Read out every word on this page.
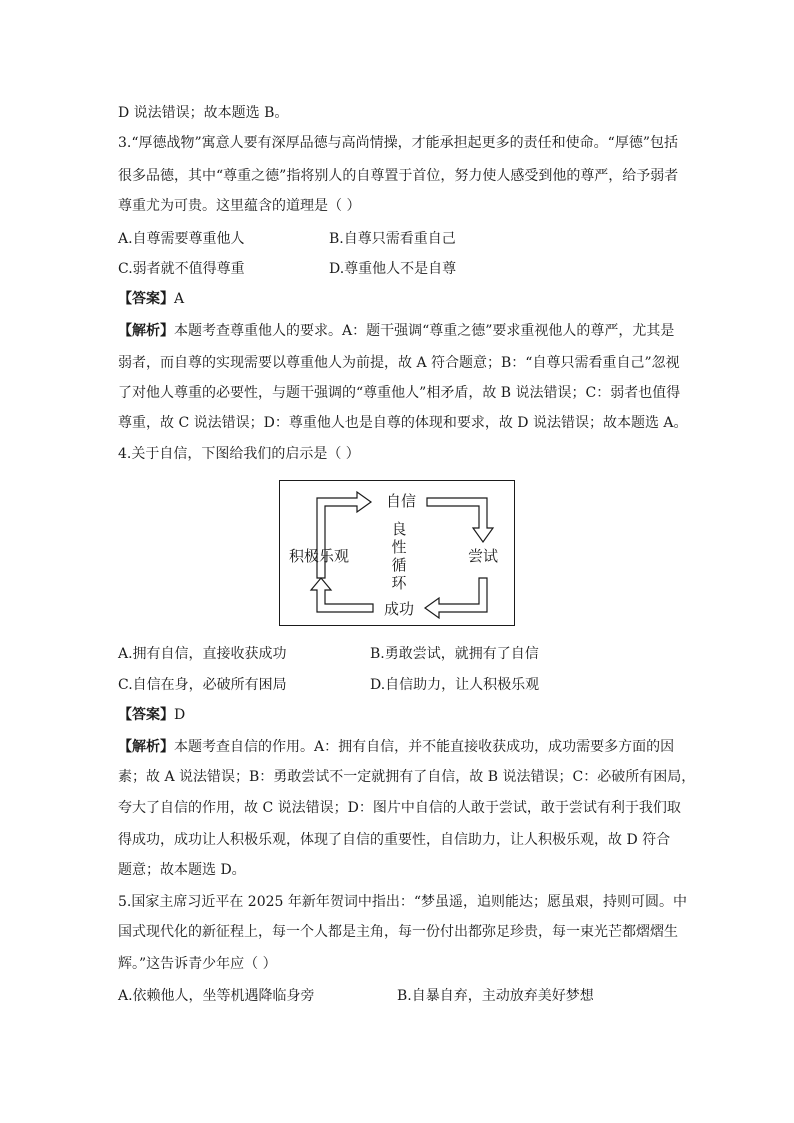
D 说法错误；故本题选 B。
3.“厚德战物”寓意人要有深厚品德与高尚情操，才能承担起更多的责任和使命。“厚德”包括
很多品德，其中“尊重之德”指将别人的自尊置于首位，努力使人感受到他的尊严，给予弱者
尊重尤为可贵。这里蕴含的道理是（ ）
A.自尊需要尊重他人	B.自尊只需看重自己
C.弱者就不值得尊重	D.尊重他人不是自尊
【答案】A
【解析】本题考查尊重他人的要求。A：题干强调“尊重之德”要求重视他人的尊严，尤其是
弱者，而自尊的实现需要以尊重他人为前提，故 A 符合题意；B：“自尊只需看重自己”忽视
了对他人尊重的必要性，与题干强调的“尊重他人”相矛盾，故 B 说法错误；C：弱者也值得
尊重，故 C 说法错误；D：尊重他人也是自尊的体现和要求，故 D 说法错误；故本题选 A。
4.关于自信，下图给我们的启示是（ ）
自信
尝试
成功
积极乐观
良
性
循
环
A.拥有自信，直接收获成功	B.勇敢尝试，就拥有了自信
C.自信在身，必破所有困局	D.自信助力，让人积极乐观
【答案】D
【解析】本题考查自信的作用。A：拥有自信，并不能直接收获成功，成功需要多方面的因
素；故 A 说法错误；B：勇敢尝试不一定就拥有了自信，故 B 说法错误；C：必破所有困局，
夸大了自信的作用，故 C 说法错误；D：图片中自信的人敢于尝试，敢于尝试有利于我们取
得成功，成功让人积极乐观，体现了自信的重要性，自信助力，让人积极乐观，故 D 符合
题意；故本题选 D。
5.国家主席习近平在 2025 年新年贺词中指出：“梦虽遥，追则能达；愿虽艰，持则可圆。中
国式现代化的新征程上，每一个人都是主角，每一份付出都弥足珍贵，每一束光芒都熠熠生
辉。”这告诉青少年应（ ）
A.依赖他人，坐等机遇降临身旁	B.自暴自弃，主动放弃美好梦想
